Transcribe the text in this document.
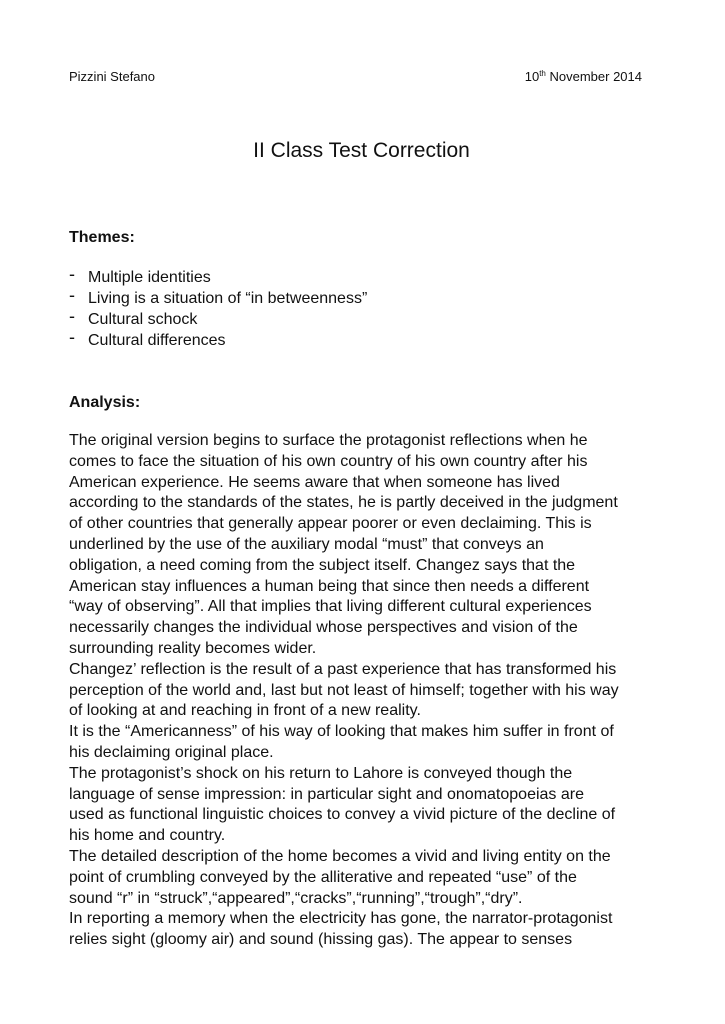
Pizzini Stefano	10th November 2014
II Class Test Correction
Themes:
- Multiple identities
- Living is a situation of “in betweenness”
- Cultural schock
- Cultural differences
Analysis:

The original version begins to surface the protagonist reflections when he
comes to face the situation of his own country of his own country after his
American experience. He seems aware that when someone has lived
according to the standards of the states, he is partly deceived in the judgment
of other countries that generally appear poorer or even declaiming. This is
underlined by the use of the auxiliary modal “must” that conveys an
obligation, a need coming from the subject itself. Changez says that the
American stay influences a human being that since then needs a different
“way of observing”. All that implies that living different cultural experiences
necessarily changes the individual whose perspectives and vision of the
surrounding reality becomes wider.

Changez’ reflection is the result of a past experience that has transformed his
perception of the world and, last but not least of himself; together with his way
of looking at and reaching in front of a new reality.

It is the “Americanness” of his way of looking that makes him suffer in front of
his declaiming original place.

The protagonist’s shock on his return to Lahore is conveyed though the
language of sense impression: in particular sight and onomatopoeias are
used as functional linguistic choices to convey a vivid picture of the decline of
his home and country.

The detailed description of the home becomes a vivid and living entity on the
point of crumbling conveyed by the alliterative and repeated “use” of the
sound “r” in “struck”,“appeared”,“cracks”,“running”,“trough”,“dry”.

In reporting a memory when the electricity has gone, the narrator-protagonist
relies sight (gloomy air) and sound (hissing gas). The appear to senses
